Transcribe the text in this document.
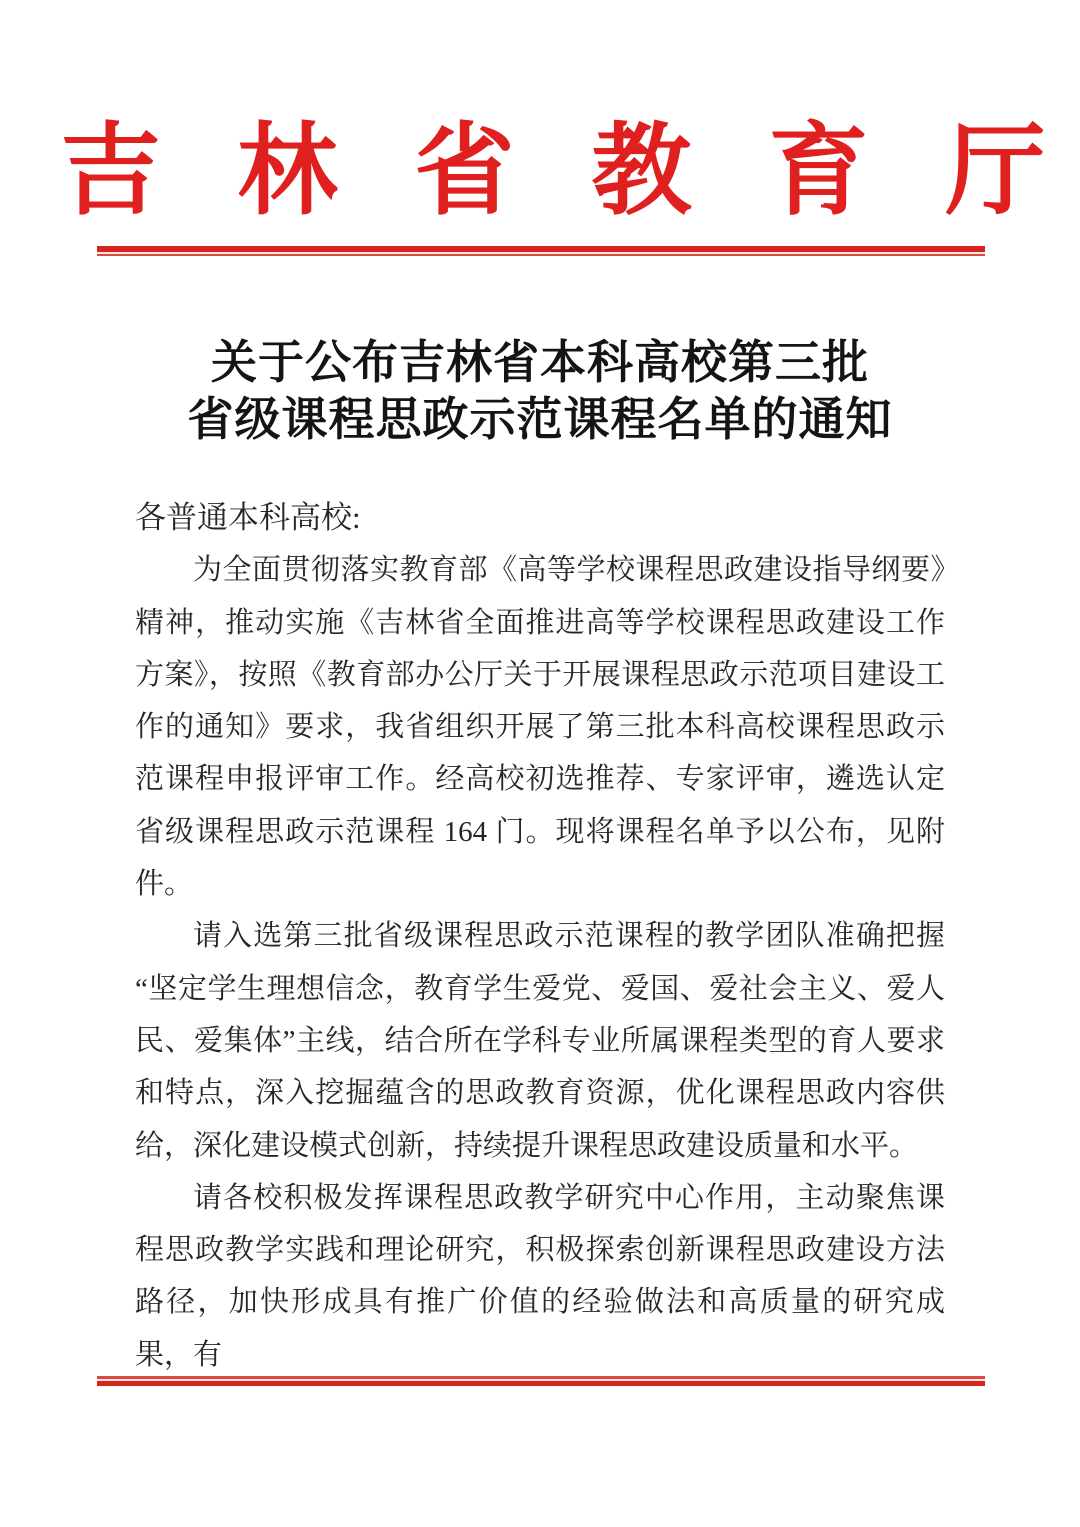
吉 林 省 教 育 厅
关于公布吉林省本科高校第三批
省级课程思政示范课程名单的通知

各普通本科高校:

为全面贯彻落实教育部《高等学校课程思政建设指导纲要》精神，推动实施《吉林省全面推进高等学校课程思政建设工作方案》，按照《教育部办公厅关于开展课程思政示范项目建设工作的通知》要求，我省组织开展了第三批本科高校课程思政示范课程申报评审工作。经高校初选推荐、专家评审，遴选认定省级课程思政示范课程 164 门。现将课程名单予以公布，见附件。

请入选第三批省级课程思政示范课程的教学团队准确把握“坚定学生理想信念，教育学生爱党、爱国、爱社会主义、爱人民、爱集体”主线，结合所在学科专业所属课程类型的育人要求和特点，深入挖掘蕴含的思政教育资源，优化课程思政内容供给，深化建设模式创新，持续提升课程思政建设质量和水平。

请各校积极发挥课程思政教学研究中心作用，主动聚焦课程思政教学实践和理论研究，积极探索创新课程思政建设方法路径，加快形成具有推广价值的经验做法和高质量的研究成果，有
